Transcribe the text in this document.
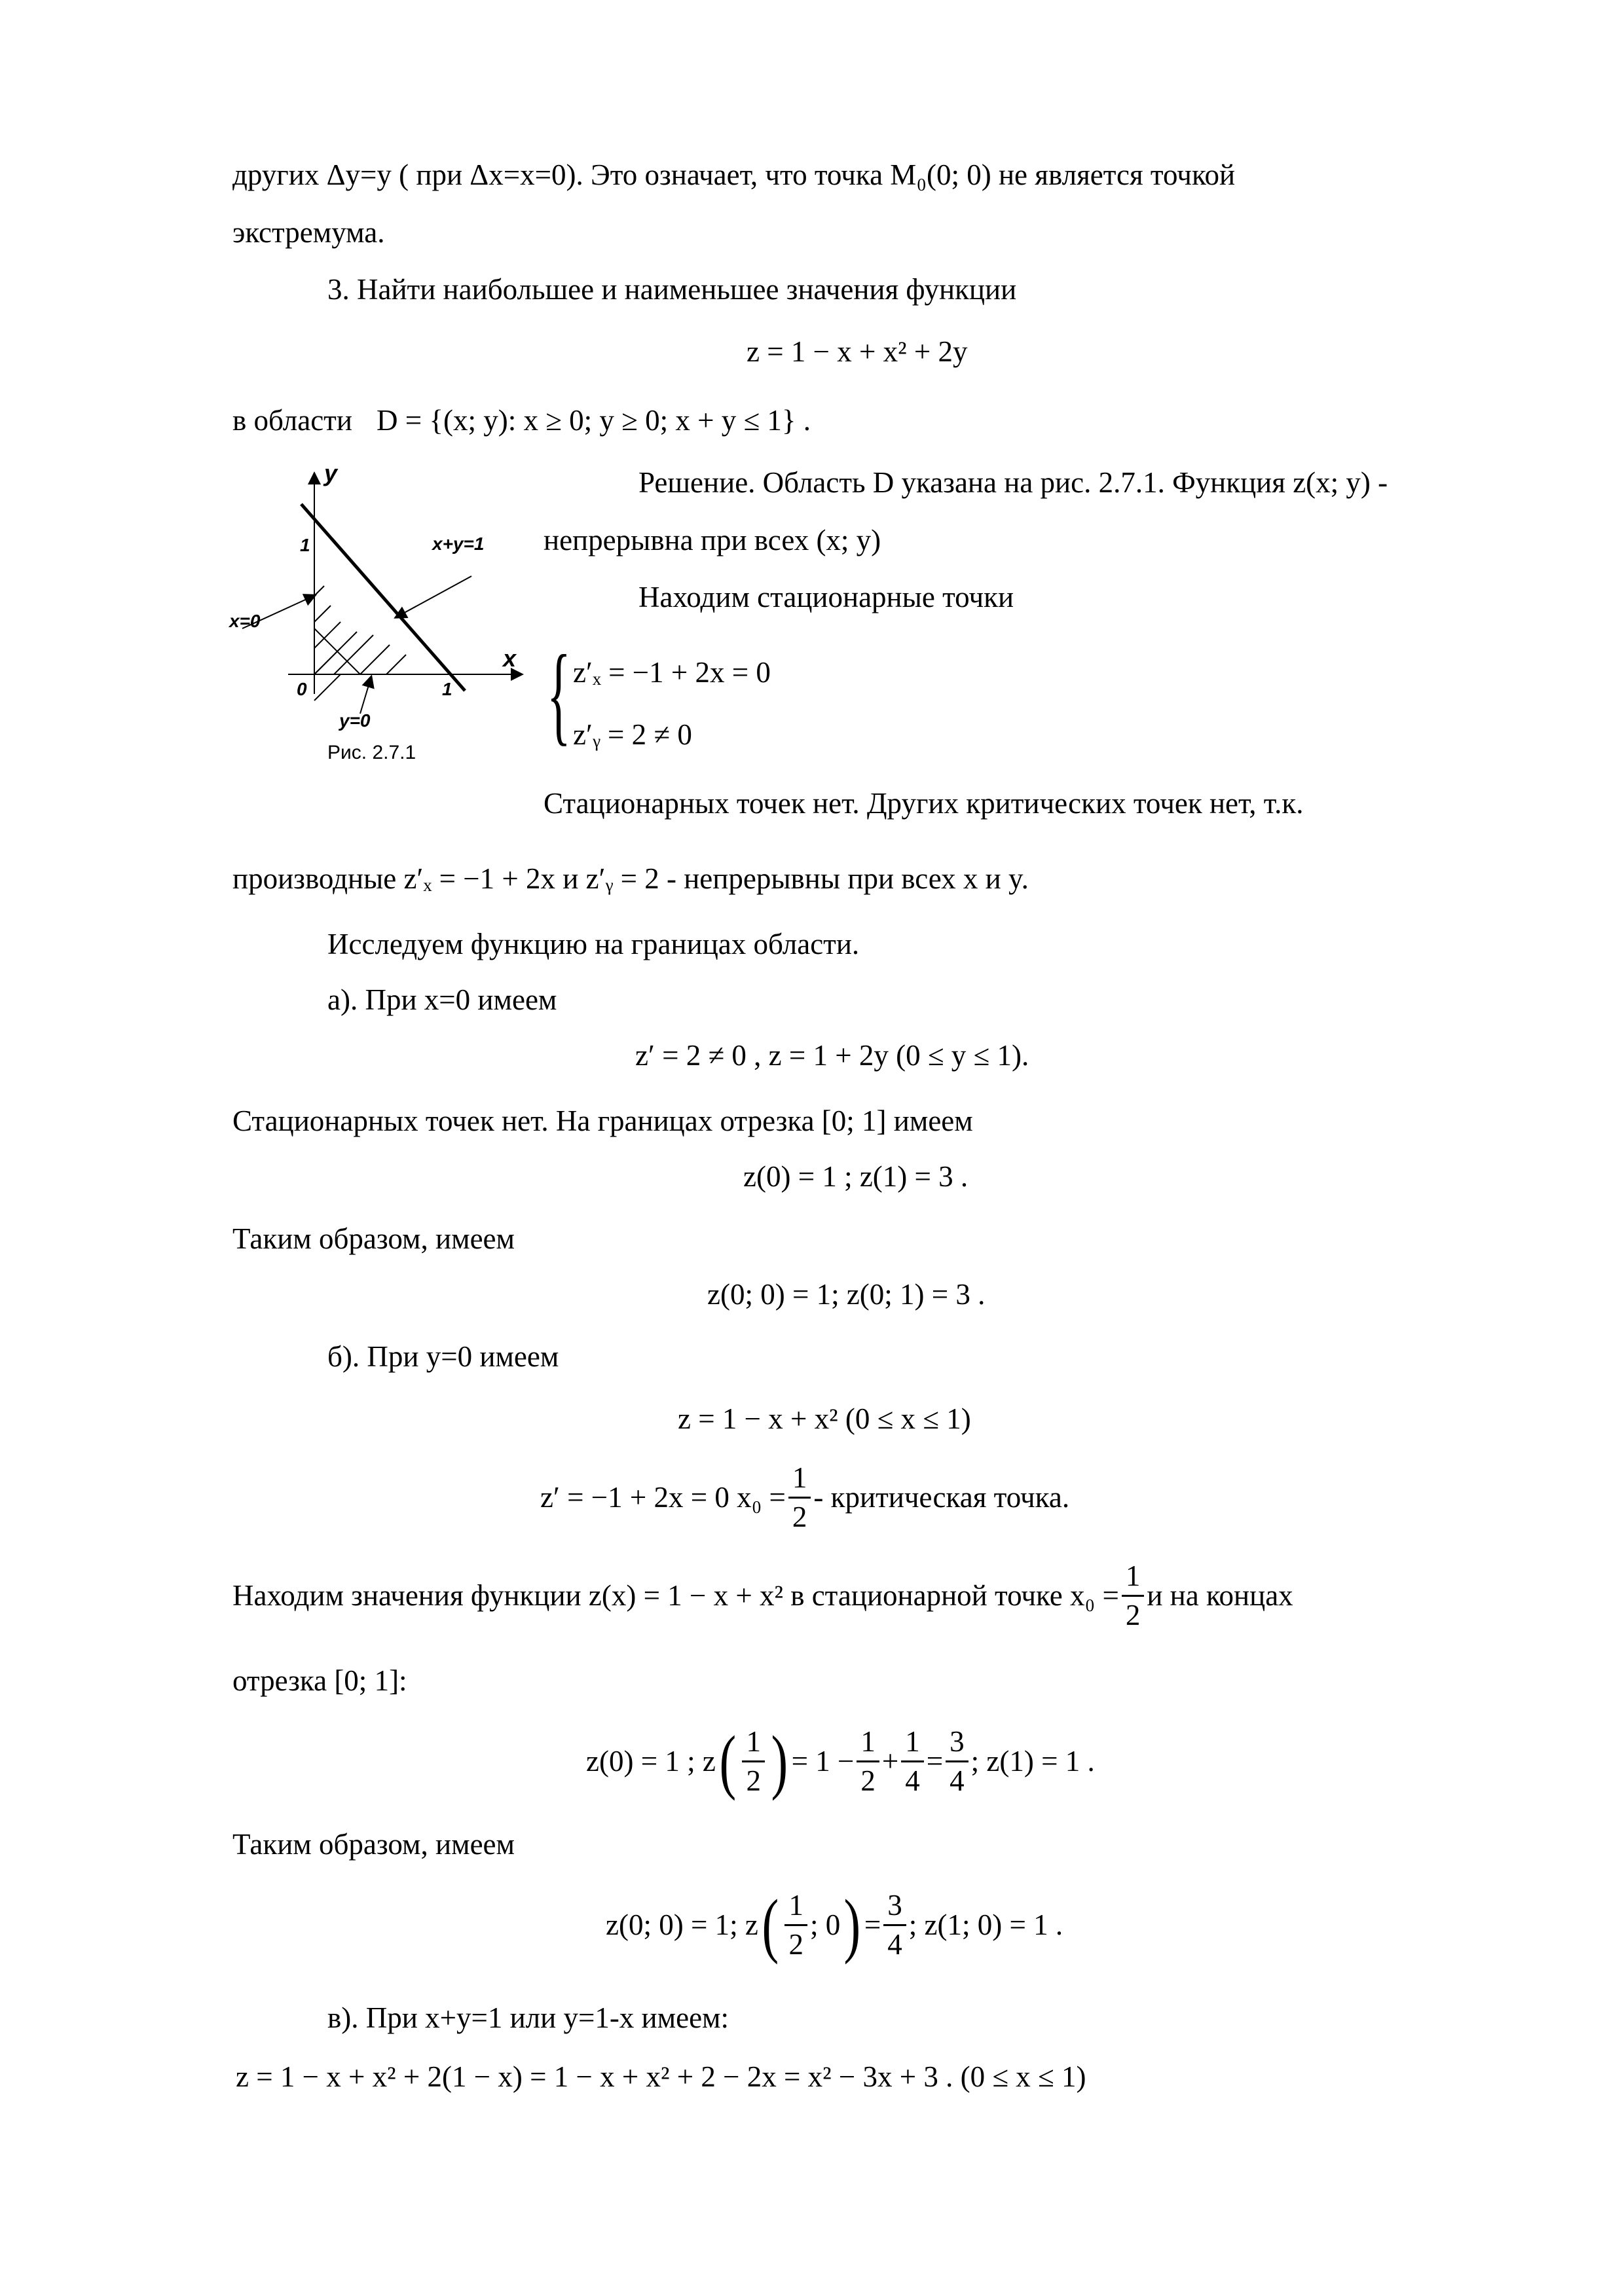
других Δy=y ( при Δx=x=0). Это означает, что точка M₀(0; 0) не является точкой
экстремума.
3. Найти наибольшее и наименьшее значения функции
z = 1 − x + x² + 2y
в области D = {(x; y): x ≥ 0; y ≥ 0; x + y ≤ 1} .
y
x
1
1
0
x+y=1
x=0
y=0
Рис. 2.7.1
Решение. Область D указана на рис. 2.7.1. Функция z(x; y) -
непрерывна при всех (x; y)
Находим стационарные точки
{ z′ₓ = −1 + 2x = 0
z′ᵧ = 2 ≠ 0
Стационарных точек нет. Других критических точек нет, т.к.
производные z′ₓ = −1 + 2x и z′ᵧ = 2 - непрерывны при всех x и y.
Исследуем функцию на границах области.
а). При x=0 имеем
z′ = 2 ≠ 0 , z = 1 + 2y (0 ≤ y ≤ 1).
Стационарных точек нет. На границах отрезка [0; 1] имеем
z(0) = 1 ; z(1) = 3 .
Таким образом, имеем
z(0; 0) = 1; z(0; 1) = 3 .
б). При y=0 имеем
z = 1 − x + x² (0 ≤ x ≤ 1)
z′ = −1 + 2x = 0 $x_0 = \frac{1}{2}$ - критическая точка.
Находим значения функции z(x) = 1 − x + x² в стационарной точке $x_0 = \frac{1}{2}$ и на концах
отрезка [0; 1]:
z(0) = 1 ; z ( $\frac{1}{2}$ ) = $1 - \frac{1}{2} + \frac{1}{4} = \frac{3}{4}$ ; z(1) = 1 .
Таким образом, имеем
z(0; 0) = 1; z ( $\frac{1}{2}$ ; 0 ) = $\frac{3}{4}$ ; z(1; 0) = 1 .
в). При x+y=1 или y=1-x имеем:
z = 1 − x + x² + 2(1 − x) = 1 − x + x² + 2 − 2x = x² − 3x + 3 . (0 ≤ x ≤ 1)
